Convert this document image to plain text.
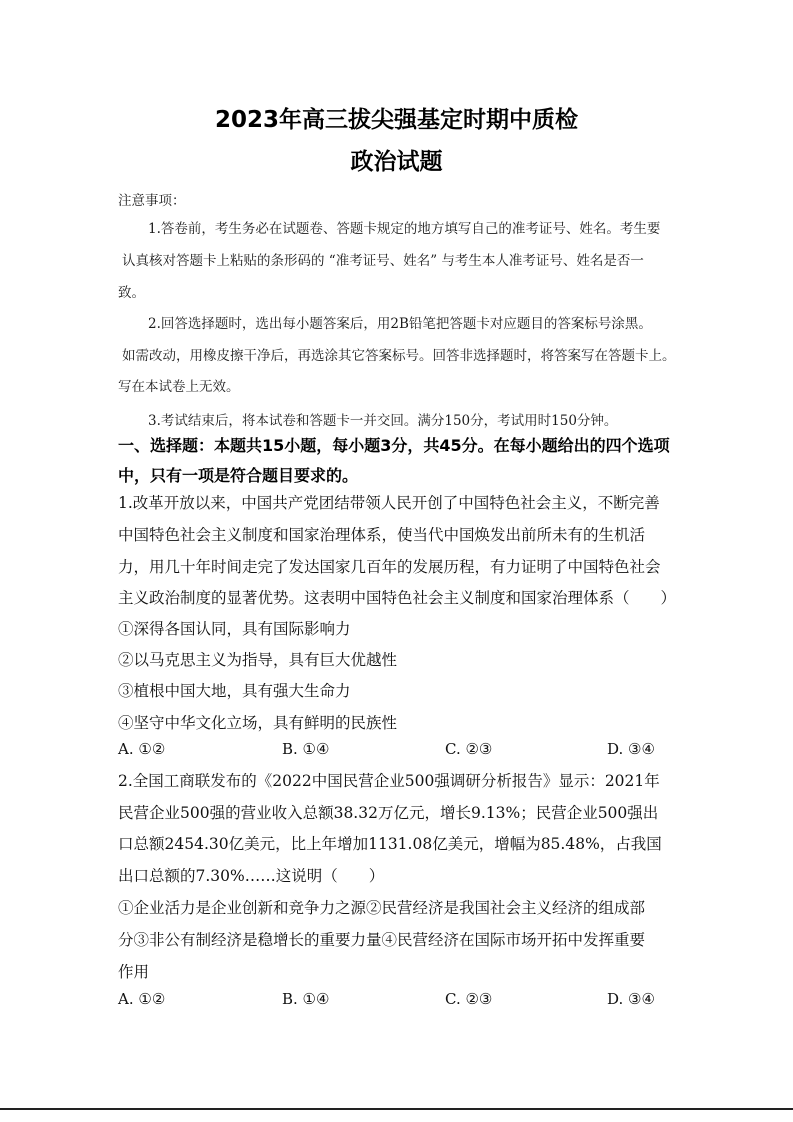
2023年高三拔尖强基定时期中质检
政治试题
注意事项：
1.答卷前，考生务必在试题卷、答题卡规定的地方填写自己的准考证号、姓名。考生要
认真核对答题卡上粘贴的条形码的 “准考证号、姓名” 与考生本人准考证号、姓名是否一
致。
2.回答选择题时，选出每小题答案后，用2B铅笔把答题卡对应题目的答案标号涂黑。
如需改动，用橡皮擦干净后，再选涂其它答案标号。回答非选择题时，将答案写在答题卡上。
写在本试卷上无效。
3.考试结束后，将本试卷和答题卡一并交回。满分150分，考试用时150分钟。
一、选择题：本题共15小题，每小题3分，共45分。在每小题给出的四个选项
中，只有一项是符合题目要求的。
1.改革开放以来，中国共产党团结带领人民开创了中国特色社会主义，不断完善
中国特色社会主义制度和国家治理体系，使当代中国焕发出前所未有的生机活
力，用几十年时间走完了发达国家几百年的发展历程，有力证明了中国特色社会
主义政治制度的显著优势。这表明中国特色社会主义制度和国家治理体系（　　）
①深得各国认同，具有国际影响力
②以马克思主义为指导，具有巨大优越性
③植根中国大地，具有强大生命力
④坚守中华文化立场，具有鲜明的民族性
A. ①②	B. ①④	C. ②③	D. ③④
2.全国工商联发布的《2022中国民营企业500强调研分析报告》显示：2021年
民营企业500强的营业收入总额38.32万亿元，增长9.13%；民营企业500强出
口总额2454.30亿美元，比上年增加1131.08亿美元，增幅为85.48%，占我国
出口总额的7.30%……这说明（　　）
①企业活力是企业创新和竞争力之源②民营经济是我国社会主义经济的组成部
分③非公有制经济是稳增长的重要力量④民营经济在国际市场开拓中发挥重要
作用
A. ①②	B. ①④	C. ②③	D. ③④
